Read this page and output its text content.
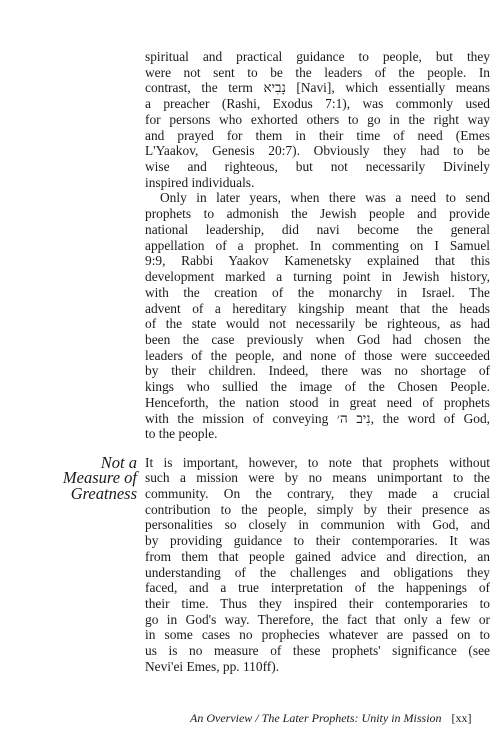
spiritual and practical guidance to people, but they
were not sent to be the leaders of the people. In
contrast, the term נָבִיא [Navi], which essentially means
a preacher (Rashi, Exodus 7:1), was commonly used
for persons who exhorted others to go in the right way
and prayed for them in their time of need (Emes
L'Yaakov, Genesis 20:7). Obviously they had to be
wise and righteous, but not necessarily Divinely
inspired individuals.
Only in later years, when there was a need to send
prophets to admonish the Jewish people and provide
national leadership, did navi become the general
appellation of a prophet. In commenting on I Samuel
9:9, Rabbi Yaakov Kamenetsky explained that this
development marked a turning point in Jewish history,
with the creation of the monarchy in Israel. The
advent of a hereditary kingship meant that the heads
of the state would not necessarily be righteous, as had
been the case previously when God had chosen the
leaders of the people, and none of those were succeeded
by their children. Indeed, there was no shortage of
kings who sullied the image of the Chosen People.
Henceforth, the nation stood in great need of prophets
with the mission of conveying נִיב ה׳, the word of God,
to the people.
Not a
Measure of
Greatness
It is important, however, to note that prophets without
such a mission were by no means unimportant to the
community. On the contrary, they made a crucial
contribution to the people, simply by their presence as
personalities so closely in communion with God, and
by providing guidance to their contemporaries. It was
from them that people gained advice and direction, an
understanding of the challenges and obligations they
faced, and a true interpretation of the happenings of
their time. Thus they inspired their contemporaries to
go in God's way. Therefore, the fact that only a few or
in some cases no prophecies whatever are passed on to
us is no measure of these prophets' significance (see
Nevi'ei Emes, pp. 110ff).
An Overview / The Later Prophets: Unity in Mission [xx]
